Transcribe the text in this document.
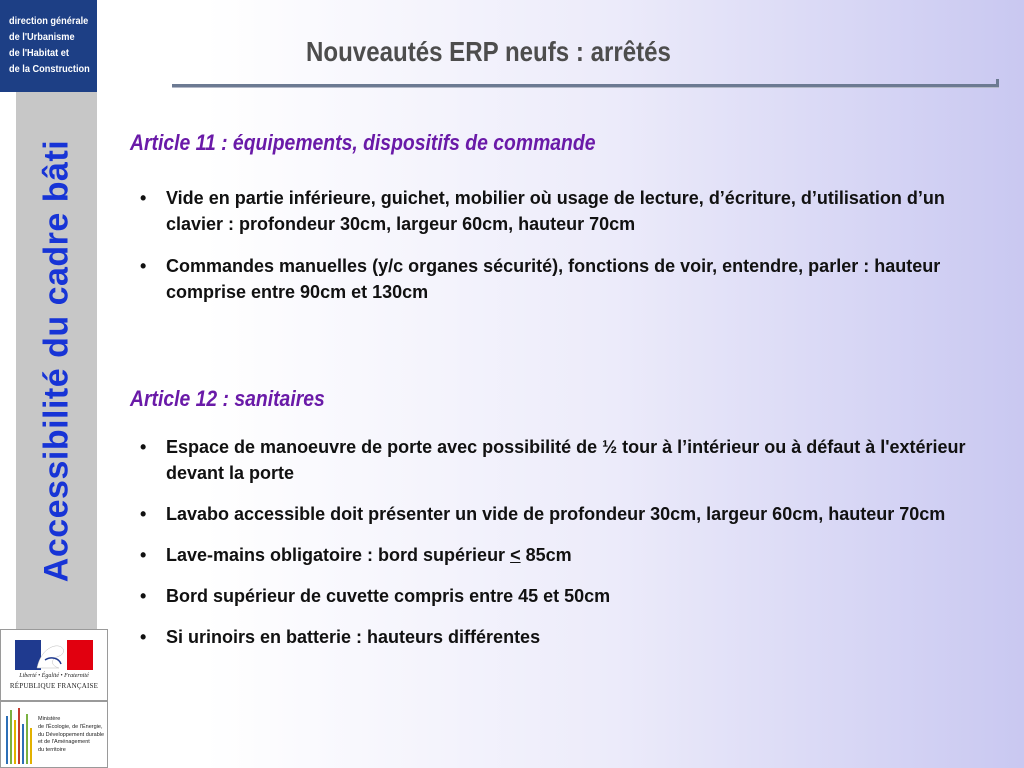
direction générale
de l'Urbanisme
de l'Habitat et
de la Construction
Accessibilité du cadre bâti
Liberté • Égalité • Fraternité
RÉPUBLIQUE FRANÇAISE
Ministère
de l'Écologie, de l'Énergie,
du Développement durable
et de l'Aménagement
du territoire
Nouveautés ERP neufs : arrêtés
Article 11 : équipements, dispositifs de commande
• Vide en partie inférieure, guichet, mobilier où usage de lecture, d’écriture, d’utilisation d’un clavier : profondeur 30cm, largeur 60cm, hauteur 70cm
• Commandes manuelles (y/c organes sécurité), fonctions de voir, entendre, parler : hauteur comprise entre 90cm et 130cm
Article 12 : sanitaires
• Espace de manoeuvre de porte avec possibilité de ½ tour à l’intérieur ou à défaut à l'extérieur devant la porte
• Lavabo accessible doit présenter un vide de profondeur 30cm, largeur 60cm, hauteur 70cm
• Lave-mains obligatoire : bord supérieur ≤ 85cm
• Bord supérieur de cuvette compris entre 45 et 50cm
• Si urinoirs en batterie : hauteurs différentes
